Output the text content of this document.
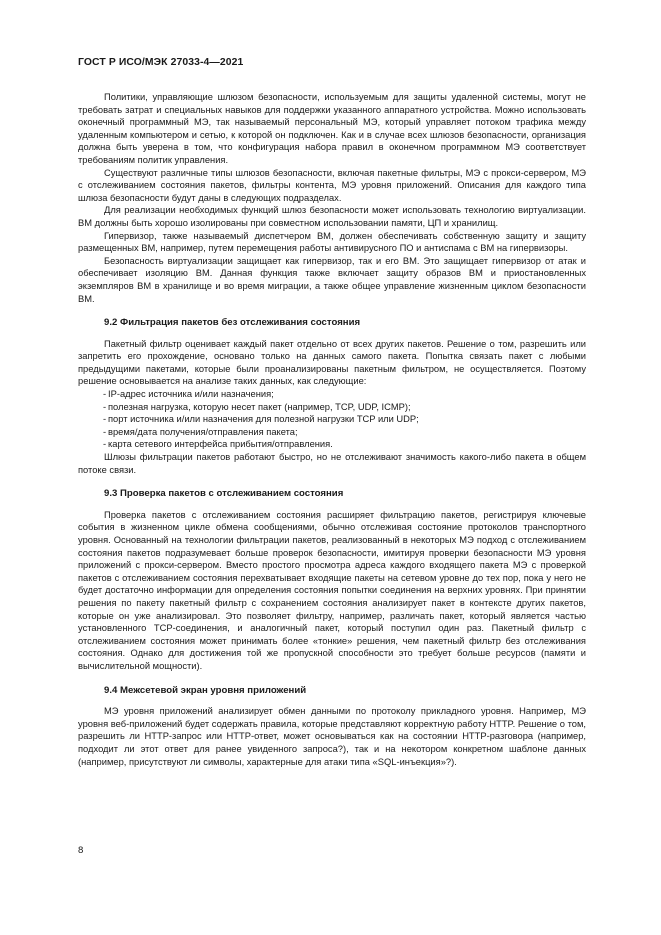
ГОСТ Р ИСО/МЭК 27033-4—2021

Политики, управляющие шлюзом безопасности, используемым для защиты удаленной системы, могут не требовать затрат и специальных навыков для поддержки указанного аппаратного устройства. Можно использовать оконечный программный МЭ, так называемый персональный МЭ, который управляет потоком трафика между удаленным компьютером и сетью, к которой он подключен. Как и в случае всех шлюзов безопасности, организация должна быть уверена в том, что конфигурация набора правил в оконечном программном МЭ соответствует требованиям политик управления.

Существуют различные типы шлюзов безопасности, включая пакетные фильтры, МЭ с прокси-сервером, МЭ с отслеживанием состояния пакетов, фильтры контента, МЭ уровня приложений. Описания для каждого типа шлюза безопасности будут даны в следующих подразделах.

Для реализации необходимых функций шлюз безопасности может использовать технологию виртуализации. ВМ должны быть хорошо изолированы при совместном использовании памяти, ЦП и хранилищ.

Гипервизор, также называемый диспетчером ВМ, должен обеспечивать собственную защиту и защиту размещенных ВМ, например, путем перемещения работы антивирусного ПО и антиспама с ВМ на гипервизоры.

Безопасность виртуализации защищает как гипервизор, так и его ВМ. Это защищает гипервизор от атак и обеспечивает изоляцию ВМ. Данная функция также включает защиту образов ВМ и приостановленных экземпляров ВМ в хранилище и во время миграции, а также общее управление жизненным циклом безопасности ВМ.

9.2 Фильтрация пакетов без отслеживания состояния

Пакетный фильтр оценивает каждый пакет отдельно от всех других пакетов. Решение о том, разрешить или запретить его прохождение, основано только на данных самого пакета. Попытка связать пакет с любыми предыдущими пакетами, которые были проанализированы пакетным фильтром, не осуществляется. Поэтому решение основывается на анализе таких данных, как следующие:

- IP-адрес источника и/или назначения;
- полезная нагрузка, которую несет пакет (например, TCP, UDP, ICMP);
- порт источника и/или назначения для полезной нагрузки TCP или UDP;
- время/дата получения/отправления пакета;
- карта сетевого интерфейса прибытия/отправления.

Шлюзы фильтрации пакетов работают быстро, но не отслеживают значимость какого-либо пакета в общем потоке связи.

9.3 Проверка пакетов с отслеживанием состояния

Проверка пакетов с отслеживанием состояния расширяет фильтрацию пакетов, регистрируя ключевые события в жизненном цикле обмена сообщениями, обычно отслеживая состояние протоколов транспортного уровня. Основанный на технологии фильтрации пакетов, реализованный в некоторых МЭ подход с отслеживанием состояния пакетов подразумевает больше проверок безопасности, имитируя проверки безопасности МЭ уровня приложений с прокси-сервером. Вместо простого просмотра адреса каждого входящего пакета МЭ с проверкой пакетов с отслеживанием состояния перехватывает входящие пакеты на сетевом уровне до тех пор, пока у него не будет достаточно информации для определения состояния попытки соединения на верхних уровнях. При принятии решения по пакету пакетный фильтр с сохранением состояния анализирует пакет в контексте других пакетов, которые он уже анализировал. Это позволяет фильтру, например, различать пакет, который является частью установленного TCP-соединения, и аналогичный пакет, который поступил один раз. Пакетный фильтр с отслеживанием состояния может принимать более «тонкие» решения, чем пакетный фильтр без отслеживания состояния. Однако для достижения той же пропускной способности это требует больше ресурсов (памяти и вычислительной мощности).

9.4 Межсетевой экран уровня приложений

МЭ уровня приложений анализирует обмен данными по протоколу прикладного уровня. Например, МЭ уровня веб-приложений будет содержать правила, которые представляют корректную работу HTTP. Решение о том, разрешить ли HTTP-запрос или HTTP-ответ, может основываться как на состоянии HTTP-разговора (например, подходит ли этот ответ для ранее увиденного запроса?), так и на некотором конкретном шаблоне данных (например, присутствуют ли символы, характерные для атаки типа «SQL-инъекция»?).

8
